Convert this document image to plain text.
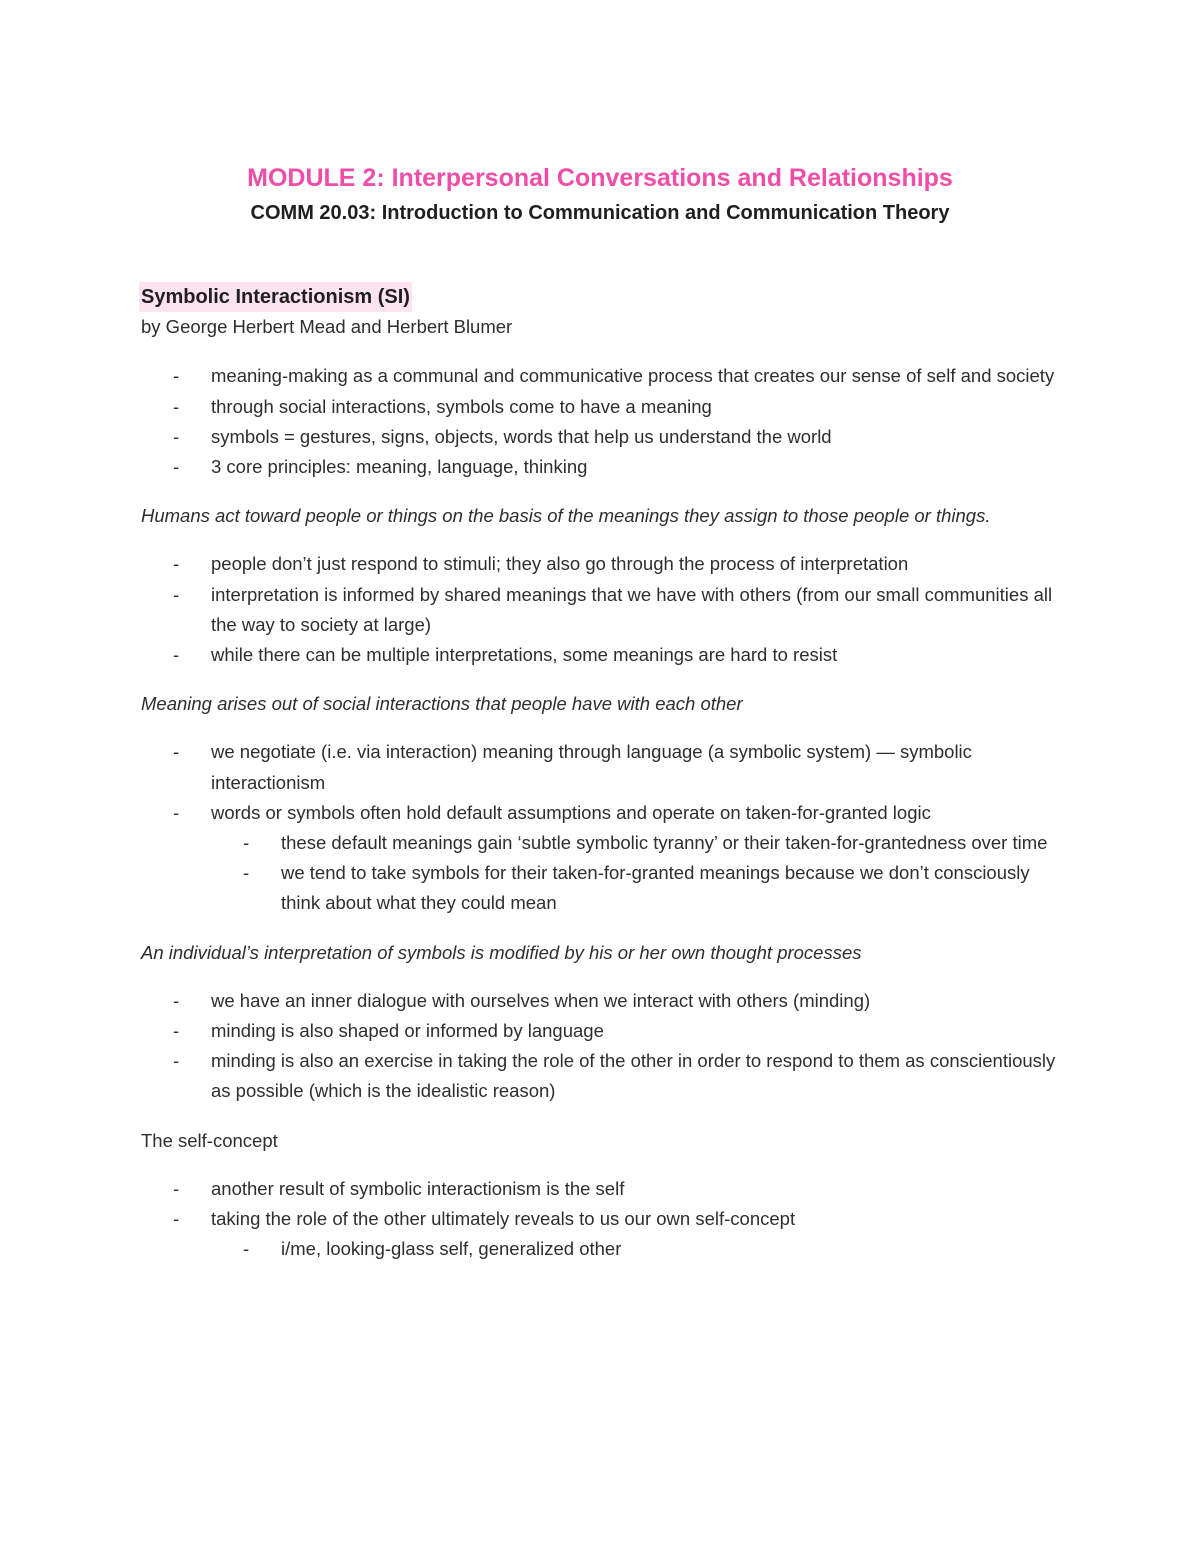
MODULE 2: Interpersonal Conversations and Relationships
COMM 20.03: Introduction to Communication and Communication Theory
Symbolic Interactionism (SI)

by George Herbert Mead and Herbert Blumer

- meaning-making as a communal and communicative process that creates our sense of self and society
- through social interactions, symbols come to have a meaning
- symbols = gestures, signs, objects, words that help us understand the world
- 3 core principles: meaning, language, thinking

Humans act toward people or things on the basis of the meanings they assign to those people or things.

- people don’t just respond to stimuli; they also go through the process of interpretation
- interpretation is informed by shared meanings that we have with others (from our small communities all the way to society at large)
- while there can be multiple interpretations, some meanings are hard to resist

Meaning arises out of social interactions that people have with each other

- we negotiate (i.e. via interaction) meaning through language (a symbolic system) — symbolic interactionism
- words or symbols often hold default assumptions and operate on taken-for-granted logic
- these default meanings gain ‘subtle symbolic tyranny’ or their taken-for-grantedness over time
- we tend to take symbols for their taken-for-granted meanings because we don’t consciously think about what they could mean

An individual’s interpretation of symbols is modified by his or her own thought processes

- we have an inner dialogue with ourselves when we interact with others (minding)
- minding is also shaped or informed by language
- minding is also an exercise in taking the role of the other in order to respond to them as conscientiously as possible (which is the idealistic reason)

The self-concept

- another result of symbolic interactionism is the self
- taking the role of the other ultimately reveals to us our own self-concept
- i/me, looking-glass self, generalized other
